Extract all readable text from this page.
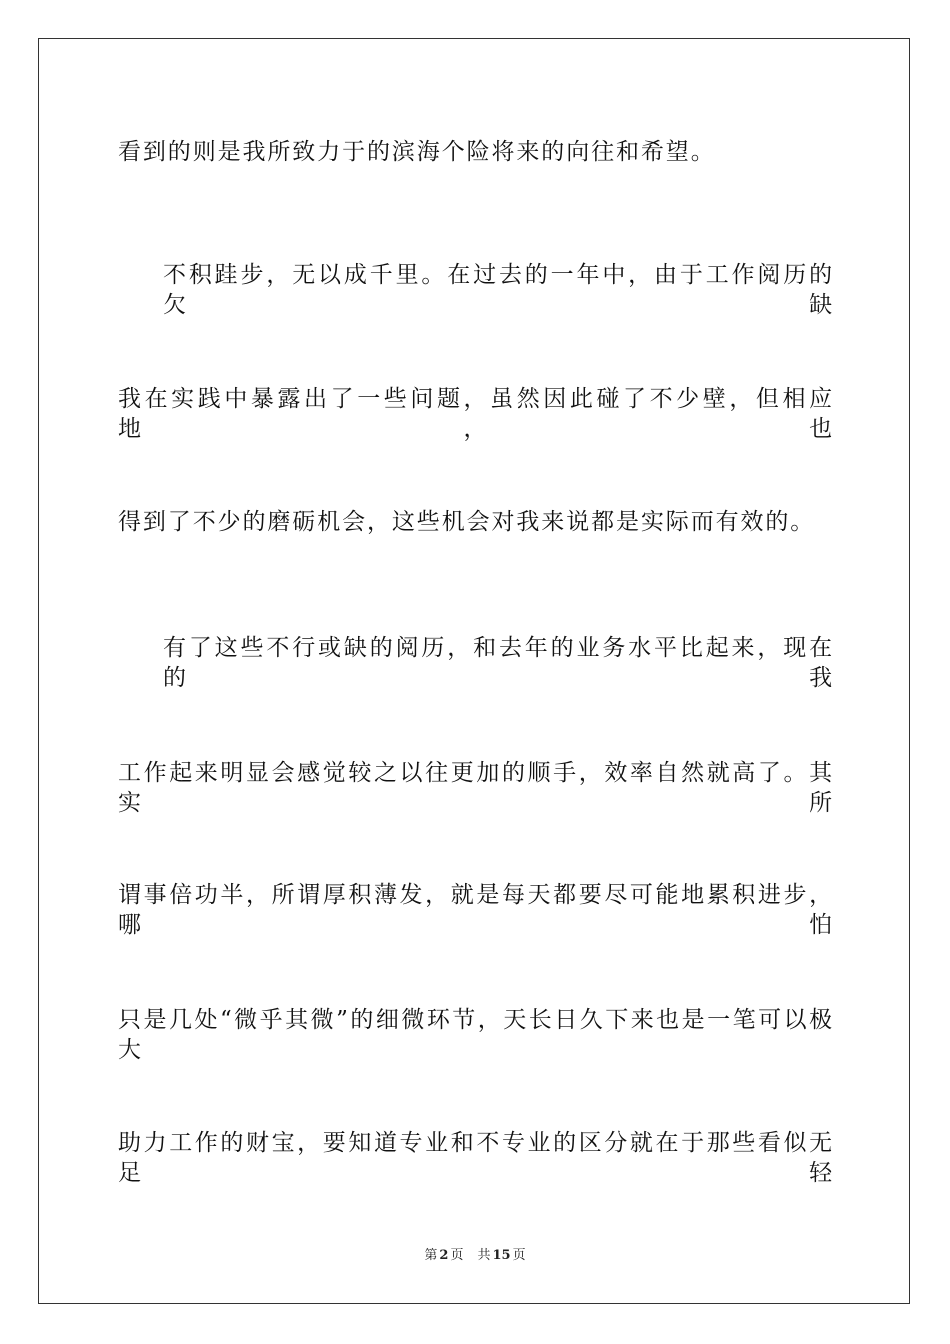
看到的则是我所致力于的滨海个险将来的向往和希望。
不积跬步，无以成千里。在过去的一年中，由于工作阅历的欠缺
我在实践中暴露出了一些问题，虽然因此碰了不少壁，但相应地，也
得到了不少的磨砺机会，这些机会对我来说都是实际而有效的。
有了这些不行或缺的阅历，和去年的业务水平比起来，现在的我
工作起来明显会感觉较之以往更加的顺手，效率自然就高了。其实所
谓事倍功半，所谓厚积薄发，就是每天都要尽可能地累积进步，哪怕
只是几处“微乎其微”的细微环节，天长日久下来也是一笔可以极大
助力工作的财宝，要知道专业和不专业的区分就在于那些看似无足轻
第 2 页 共 15 页
